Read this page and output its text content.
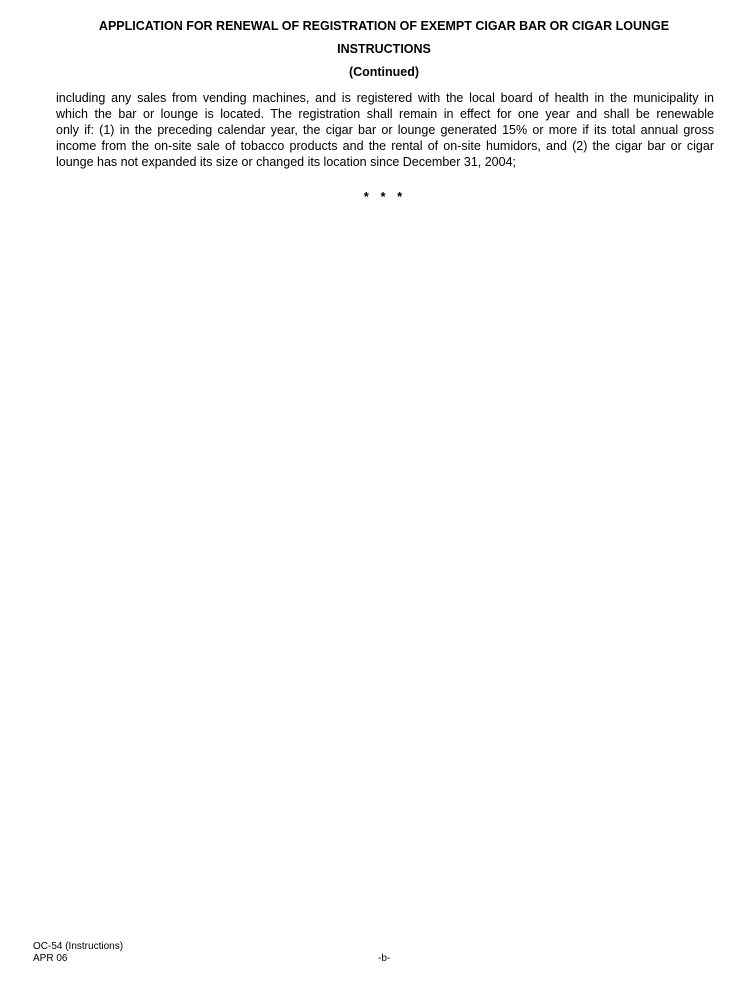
APPLICATION FOR RENEWAL OF REGISTRATION OF EXEMPT CIGAR BAR OR CIGAR LOUNGE
INSTRUCTIONS
(Continued)
including any sales from vending machines, and is registered with the local board of health in the municipality in
which the bar or lounge is located. The registration shall remain in effect for one year and shall be renewable
only if: (1) in the preceding calendar year, the cigar bar or lounge generated 15% or more if its total annual gross
income from the on-site sale of tobacco products and the rental of on-site humidors, and (2) the cigar bar or cigar
lounge has not expanded its size or changed its location since December 31, 2004;
* * *
OC-54 (Instructions)
APR 06	-b-
